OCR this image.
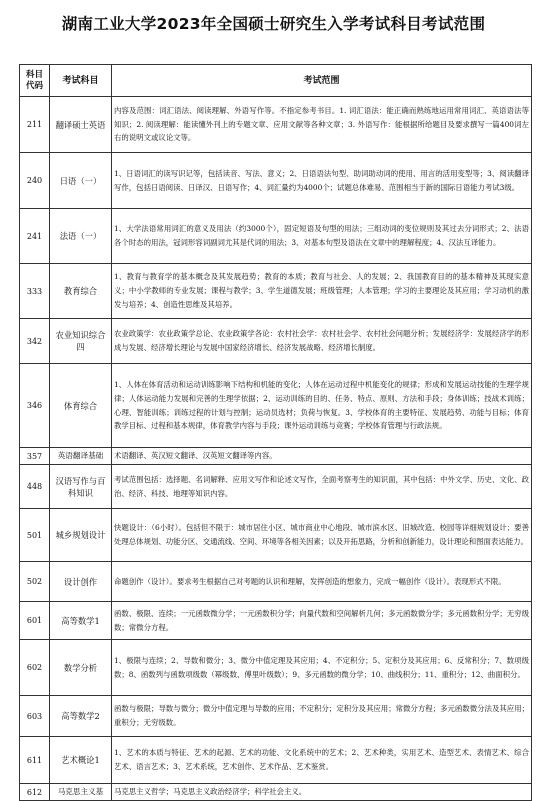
湖南工业大学2023年全国硕士研究生入学考试科目考试范围
科目代码	考试科目	考试范围
211	翻译硕士英语	内容及范围：词汇语法、阅读理解、外语写作等。不指定参考书目。1. 词汇语法：能正确而熟练地运用常用词汇、英语语法等知识；2. 阅读理解：能读懂外刊上的专题文章、应用文献等各种文章；3. 外语写作：能根据所给题目及要求撰写一篇400词左右的说明文或议论文等。
240	日语（一）	1、日语词汇的读写识记等，包括读音、写法、意义；2、日语语法句型、助词助动词的使用、用言的活用变型等；3、阅读翻译写作，包括日语阅读、日译汉、日语写作；4、词汇量约为4000个；试题总体难易、范围相当于新的国际日语能力考试3级。
241	法语（一）	1、大学法语常用词汇的意义及用法（约3000个），固定短语及句型的用法；三组动词的变位规则及其过去分词形式；2、法语各个时态的用法，冠词形容词副词尤其是代词的用法；3、对基本句型及语法在文章中的理解程度；4、汉法互译能力。
333	教育综合	1、教育与教育学的基本概念及其发展趋势；教育的本质；教育与社会、人的发展；2、我国教育目的的基本精神及其现实意义；中小学教师的专业发展；课程与教学；3、学生道德发展；班级管理；人本管理；学习的主要理论及其应用；学习动机的激发与培养；4、创造性思维及其培养。
342	农业知识综合四	农业政策学：农业政策学总论、农业政策学各论：农村社会学：农村社会学、农村社会问题分析；发展经济学：发展经济学的形成与发展、经济增长理论与发展中国家经济增长、经济发展战略、经济增长制度。
346	体育综合	1、人体在体育活动和运动训练影响下结构和机能的变化；人体在运动过程中机能变化的规律；形成和发展运动技能的生理学规律；人体运动能力发展和完善的生理学依据；2、运动训练的目的、任务、特点、原则、方法和手段；身体训练；技战术训练；心理、智能训练；训练过程的计划与控制；运动员选材；负荷与恢复。3、学校体育的主要特征、发展趋势、功能与目标；体育教学目标、过程和基本规律，体育教学内容与手段；课外运动训练与竞赛；学校体育管理与行政法规。
357	英语翻译基础	术语翻译、英汉短文翻译、汉英短文翻译等内容。
448	汉语写作与百科知识	考试范围包括：选择题、名词解释、应用文写作和论述文写作，全面考察考生的知识面，其中包括：中外文学、历史、文化、政治、经济、科技、地理等知识内容。
501	城乡规划设计	快题设计：（6小时）。包括但不限于：城市居住小区、城市商业中心地段、城市滨水区、旧城改造、校园等详细规划设计；要善处理总体规划、功能分区、交通流线、空间、环境等各相关因素；以及开拓思路，分析和创新能力，设计理论和图面表达能力。
502	设计创作	命题创作（设计）。要求考生根据自己对考题的认识和理解，发挥创造的想象力，完成一幅创作（设计）。表现形式不限。
601	高等数学1	函数、极限、连续；一元函数微分学；一元函数积分学；向量代数和空间解析几何；多元函数微分学；多元函数积分学；无穷级数；常微分方程。
602	数学分析	1、极限与连续；2、导数和微分；3、微分中值定理及其应用；4、不定积分；5、定积分及其应用；6、反常积分；7、数项级数；8、函数列与函数项级数（幂级数、傅里叶级数）；9、多元函数的微分学；10、曲线积分；11、重积分；12、曲面积分。
603	高等数学2	函数与极限；导数与微分；微分中值定理与导数的应用；不定积分；定积分及其应用；常微分方程；多元函数微分法及其应用；重积分；无穷级数。
611	艺术概论1	1、艺术的本质与特征、艺术的起源、艺术的功能、文化系统中的艺术；2、艺术种类，实用艺术、造型艺术、表情艺术、综合艺术、语言艺术；3、艺术系统，艺术创作、艺术作品、艺术鉴赏。
612	马克思主义基	马克思主义哲学；马克思主义政治经济学；科学社会主义。
